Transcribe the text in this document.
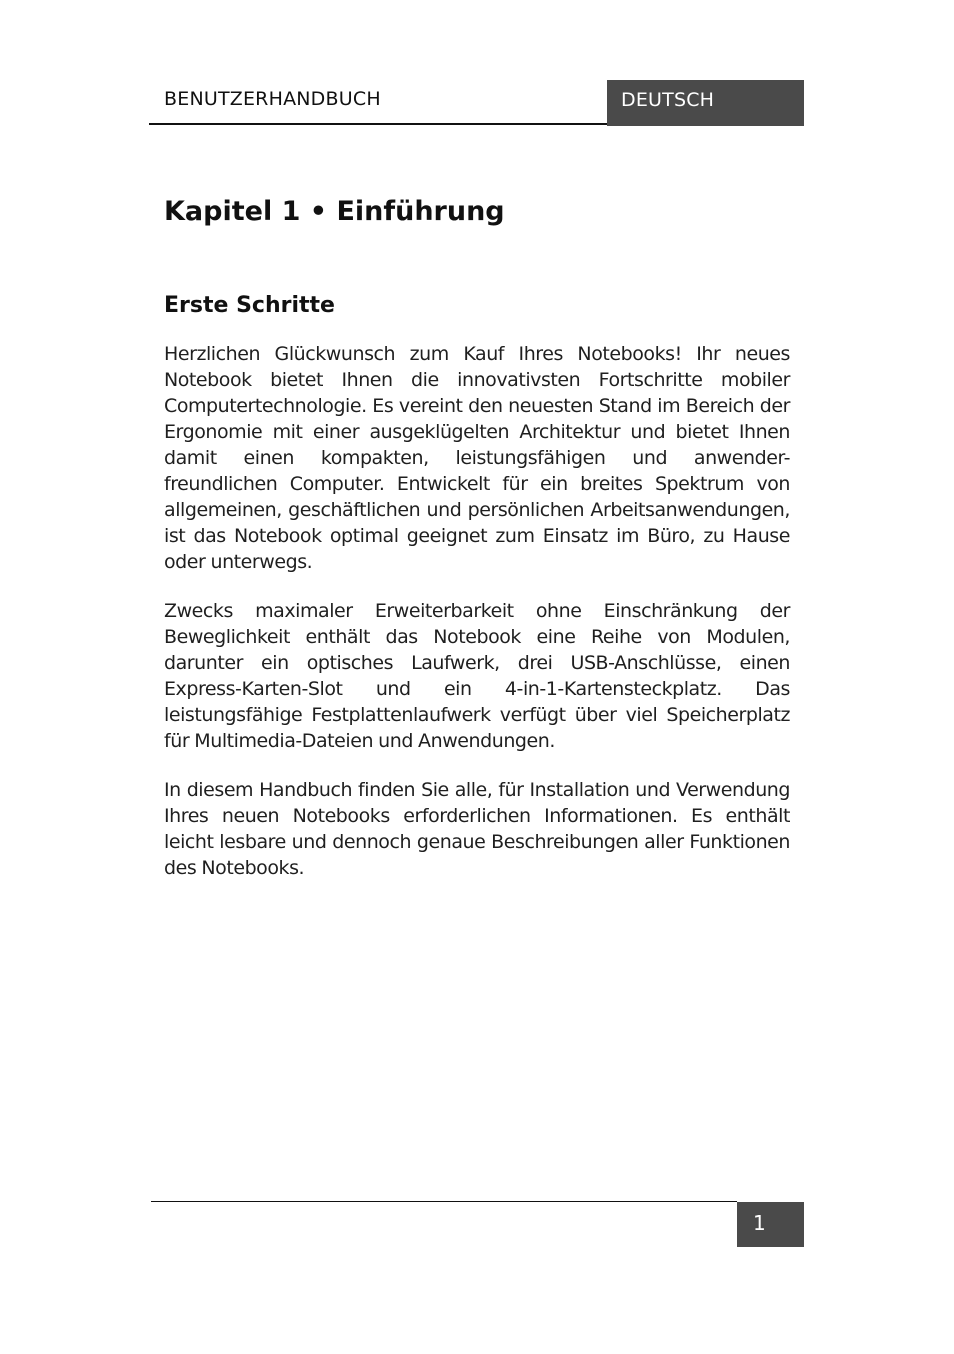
BENUTZERHANDBUCH	DEUTSCH
Kapitel 1 • Einführung
Erste Schritte

Herzlichen Glückwunsch zum Kauf Ihres Notebooks! Ihr neues Notebook bietet Ihnen die innovativsten Fortschritte mobiler Computertechnologie. Es vereint den neuesten Stand im Bereich der Ergonomie mit einer ausgeklügelten Architektur und bietet Ihnen damit einen kompakten, leistungsfähigen und anwender-freundlichen Computer. Entwickelt für ein breites Spektrum von allgemeinen, geschäftlichen und persönlichen Arbeitsanwendungen, ist das Notebook optimal geeignet zum Einsatz im Büro, zu Hause oder unterwegs.

Zwecks maximaler Erweiterbarkeit ohne Einschränkung der Beweglichkeit enthält das Notebook eine Reihe von Modulen, darunter ein optisches Laufwerk, drei USB-Anschlüsse, einen Express-Karten-Slot und ein 4-in-1-Kartensteckplatz. Das leistungsfähige Festplattenlaufwerk verfügt über viel Speicherplatz für Multimedia-Dateien und Anwendungen.

In diesem Handbuch finden Sie alle, für Installation und Verwendung Ihres neuen Notebooks erforderlichen Informationen. Es enthält leicht lesbare und dennoch genaue Beschreibungen aller Funktionen des Notebooks.

1
